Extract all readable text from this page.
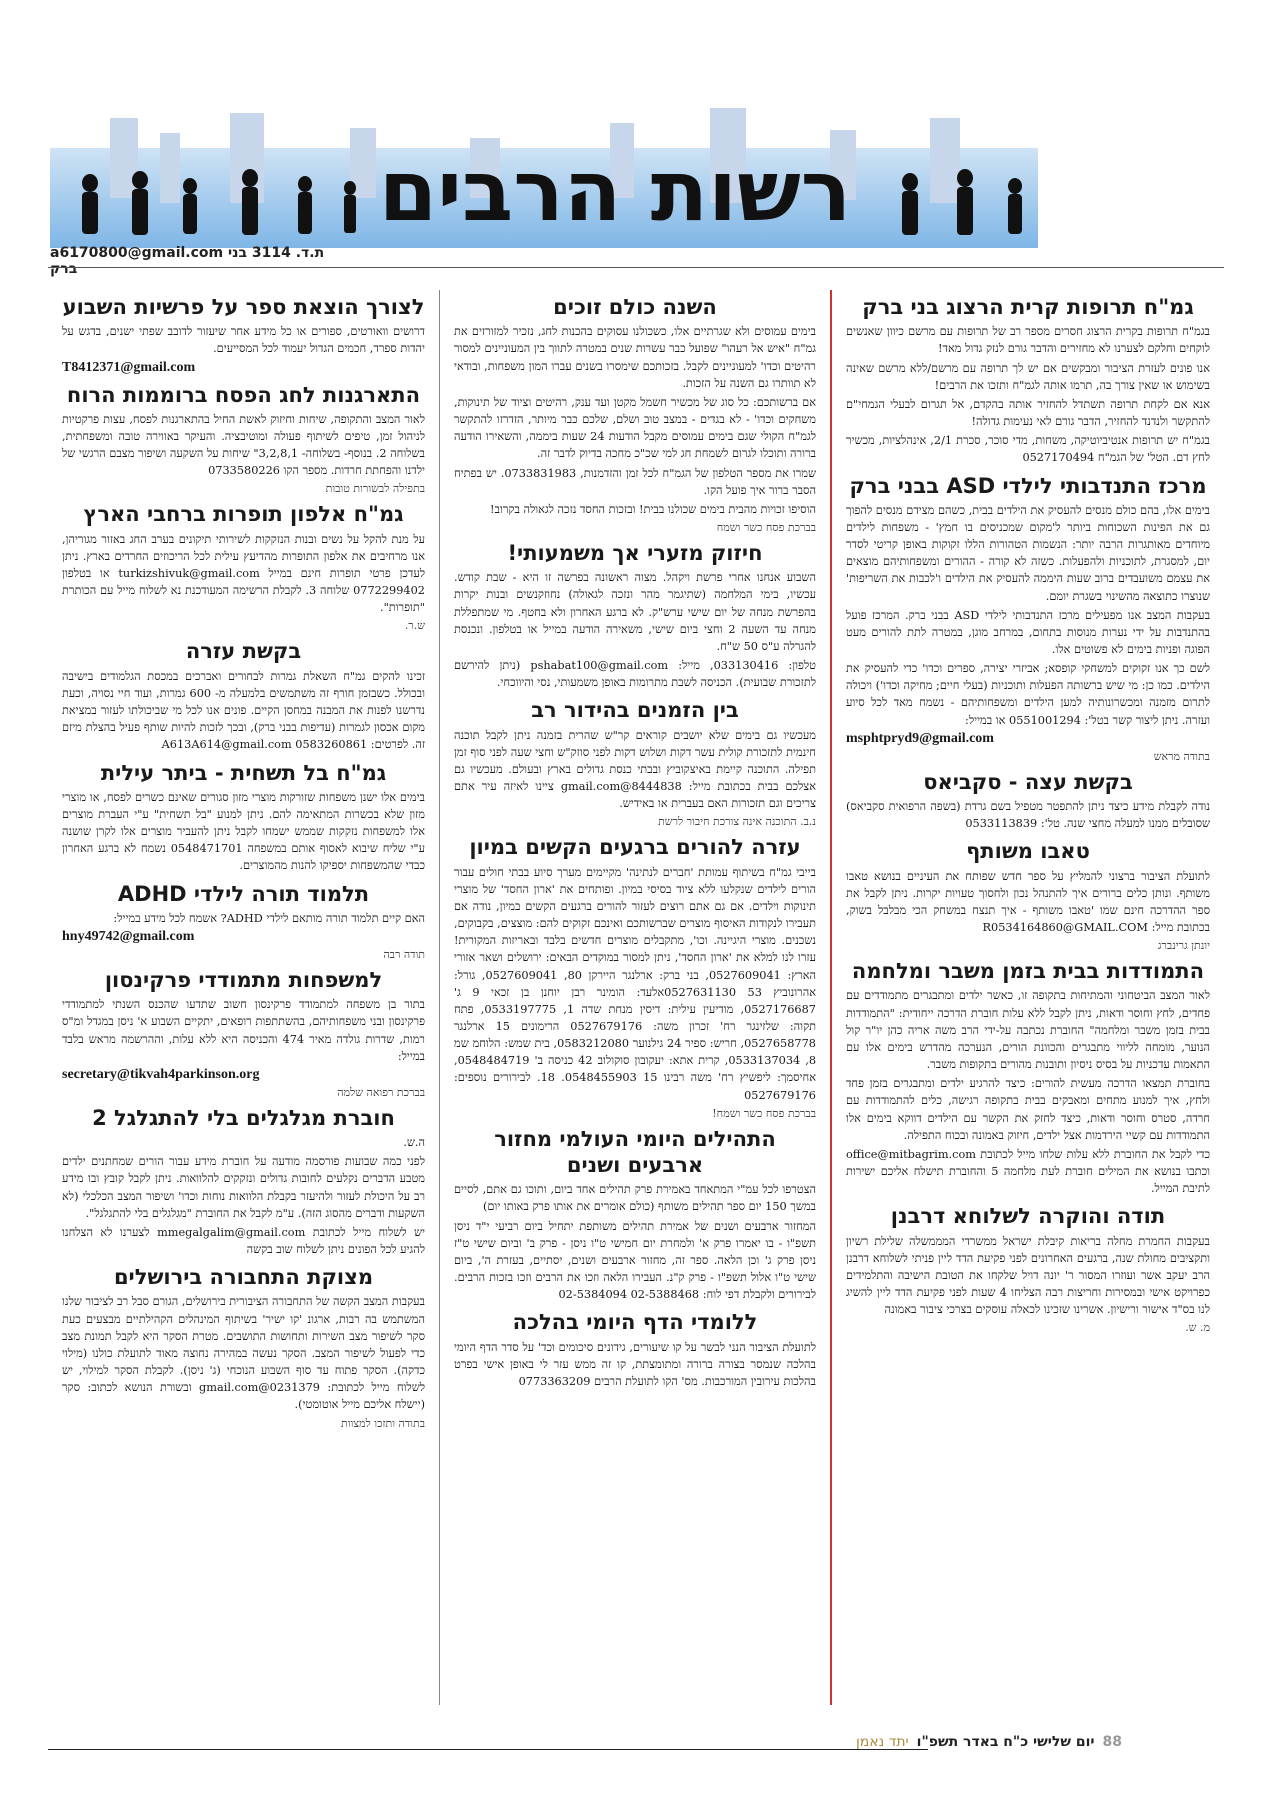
רשות הרבים
a6170800@gmail.com ת.ד. 3114 בני ברק
גמ"ח תרופות קרית הרצוג בני ברק

בגמ"ח תרופות בקרית הרצוג חסרים מספר רב של תרופות עם מרשם כיוון שאנשים לוקחים וחלקם לצערנו לא מחזירים והדבר גורם לנזק גדול מאד!

אנו פונים לעזרת הציבור ומבקשים אם יש לך תרופה עם מרשם/ללא מרשם שאינה בשימוש או שאין צורך בה, תרמו אותה לגמ"ח ותזכו את הרבים!

אנא אם לקחת תרופה תשתדל להחזיר אותה בהקדם, אל תגרום לבעלי הגמחי"ם להתקשר ולנדנד להחזיר, הדבר גורם לאי נעימות גדולה!

בגמ"ח יש תרופות אנטיביוטיקה, משחות, מדי סוכר, סכרת 2/1, אינהלציות, מכשיר לחץ דם. הטל' של הגמ"ח 0527170494

מרכז התנדבותי לילדי ASD בבני ברק

בימים אלו, בהם כולם מנסים להעסיק את הילדים בבית, כשהם מצידם מנסים להפוך גם את הפינות השכוחות ביותר ל'מקום שמכניסים בו חמץ' - משפחות לילדים מיוחדים מאותגרות הרבה יותר: הנשמות הטהורות הללו זקוקות באופן קריטי לסדר יום, למסגרת, לתוכניות ולהפעלות. כשזה לא קורה - ההורים ומשפחותיהם מוצאים את עצמם משועבדים ברוב שעות היממה להעסיק את הילדים ו'לכבות את השריפות' שנוצרו כתוצאה מהשינוי בשגרת יומם.

בעקבות המצב אנו מפעילים מרכז התנדבותי לילדי ASD בבני ברק. המרכז פועל בהתנדבות על ידי נערות מנוסות בתחום, במרחב מוגן, במטרה לתת להורים מעט הפוגה ופניות בימים לא פשוטים אלו.

לשם כך אנו זקוקים למשחקי קופסא; אביזרי יצירה, ספרים וכדו' כדי להעסיק את הילדים. כמו כן: מי שיש ברשותה הפעלות ותוכניות (בעלי חיים; מחיקה וכדו') ויכולה לתרום מזמנה ומכשרונותיה למען הילדים ומשפחותיהם - נשמח מאד לכל סיוע ועזרה. ניתן ליצור קשר בטל': 0551001294 או במייל:

msphtpryd9@gmail.com
בתודה מראש
בקשת עצה - סקביאס

נודה לקבלת מידע כיצד ניתן להתפטר מטפיל בשם גרדת (בשפה הרפואית סקביאס) שסובלים ממנו למעלה מחצי שנה. טל': 0533113839

טאבו משותף

לתועלת הציבור ברצוני להמליץ על ספר חדש שפותח את העיניים בנושא טאבו משותף. ונותן כלים ברורים איך להתנהל נכון ולחסוך טעויות יקרות. ניתן לקבל את ספר ההדרכה חינם שמו 'טאבו משותף - איך תנצח במשחק הכי מבלבל בשוק, בכתובת מייל: R0534164860@GMAIL.COM

יונתן גרינברג
התמודדות בבית בזמן משבר ומלחמה

לאור המצב הביטחוני והמתיחות בתקופה זו, כאשר ילדים ומתבגרים מתמודדים עם פחדים, לחץ וחוסר ודאות, ניתן לקבל ללא עלות חוברת הדרכה ייחודית: "התמודדות בבית בזמן משבר ומלחמה" החוברת נכתבה על-ידי הרב משה אריה כהן יו"ר קול הנוער, מומחה לליווי מתבגרים והכוונת הורים, הנערכה מהדרש בימים אלו עם התאמות עדכניות על בסיס ניסיון ותובנות מהורים בתקופות משבר.

בחוברת תמצאו הדרכה מעשית להורים: כיצד להרגיע ילדים ומתבגרים בזמן פחד ולחץ, איך למנוע מתחים ומאבקים בבית בתקופה רגישה, כלים להתמודדות עם חרדה, סטרס וחוסר ודאות, כיצד לחזק את הקשר עם הילדים דווקא בימים אלו התמודדות עם קשיי הירדמות אצל ילדים, חיזוק באמונה ובכוח התפילה.

כדי לקבל את החוברת ללא עלות שלחו מייל לכתובת office@mitbagrim.com וכתבו בנושא את המילים חוברת לעת מלחמה 5 והחוברת תישלח אליכם ישירות לתיבת המייל.

תודה והוקרה לשלוחא דרבנן

בעקבות החמרת מחלה בריאות קיבלת ישראל ממשרדי המממשלה שלילת רשיון ותקציבים מחולת שנה, ברגעים האחרונים לפני פקיעת הדד ליין פניתי לשלוחא דרבנן הרב יעקב אשר ועוזרו המסור ר' יונה דויל שלקחו את הטובת הישיבה והתלמידים כפרויקט אישי ובמסירות וחריצות רבה הצליחו 4 שעות לפני פקיעת הדד ליין להשיג לנו בס"ד אישור ורישיון. אשרינו שזכינו לכאלה עוסקים בצרכי ציבור באמונה

מ. ש.
השנה כולם זוכים

בימים עמוסים ולא שגרתיים אלו, כשכולנו עסוקים בהכנות לחג, נזכיר למזורזים את גמ"ח "איש אל רעהו" שפועל כבר עשרות שנים במטרה לתווך בין המעוניינים למסור רהיטים וכדו' למעוניינים לקבל. בזכותכם שימסרו בשנים עברו המון משפחות, ובודאי לא תוותרו גם השנה על הזכות.

אם ברשותכם: כל סוג של מכשיר חשמל מקטן ועד ענק, רהיטים וציוד של תינוקות, משחקים וכדו' - לא בגדים - במצב טוב ושלם, שלכם כבר מיותר, הזדרזו להתקשר לגמ"ח הקולי שגם בימים עמוסים מקבל הודעות 24 שעות ביממה, והשאירו הודעה ברורה ותוכלו לגרום לשמחת חג למי שכ"כ מחכה בדיוק לדבר זה.

שמרו את מספר הטלפון של הגמ"ח לכל זמן והזדמנות, 0733831983. יש בפתיח הסבר ברור איך פועל הקו.

הוסיפו זכויות מהבית בימים שכולנו בבית! ובזכות החסד נזכה לגאולה בקרוב!

בברכת פסח כשר ושמח
חיזוק מזערי אך משמעותי!

השבוע אנחנו אחרי פרשת ויקהל. מצוה ראשונה בפרשה זו היא - שבת קודש. עכשיו, בימי המלחמה (שתיגמר מהר ונזכה לגאולה) נחוזקנשים ובנות יקרות בהפרשת מנחה של יום שישי ערש"ק. לא ברגע האחרון ולא בחטף. מי שמתפללת מנחה עד השעה 2 וחצי ביום שישי, משאירה הודעה במייל או בטלפון. ונכנסת להגרלה ע"ס 50 ש"ח.

טלפון: 033130416, מייל: pshabat100@gmail.com (ניתן להירשם לתזכורת שבועית). הכניסה לשבת מתרומות באופן משמעותי, נסי והיווכחי.

בין הזמנים בהידור רב

מעכשיו גם בימים שלא יושבים קוראים קר"ש שהרית בזמנה ניתן לקבל תוכנה חינמית לתזכורת קולית עשר דקות ושלוש דקות לפני סוזק"ש וחצי שעה לפני סוף זמן תפילה. התוכנה קיימת באיצקוביץ ובבתי כנסת גדולים בארץ ובעולם. מעכשיו גם אצלכם בבית בכתובת מייל: 8444838@gmail.com ציינו לאיזה עיר אתם צריכים וגם תזכורות האם בעברית או באידיש.

נ.ב. התוכנה אינה צורכת חיבור לרשת
עזרה להורים ברגעים הקשים במיון

בייבי גמ"ח בשיתוף עמותת 'חברים לנתינה' מקיימים מערך סיוע בבתי חולים עבור הורים לילדים שנקלעו ללא ציוד בסיסי במיון. ופותחים את 'ארון החסד' של מוצרי תינוקות וילדים. אם גם אתם רוצים לעזור להורים ברגעים הקשים במיון, נודה אם תעבירו לנקודות האיסוף מוצרים שברשותכם ואינכם זקוקים להם: מוצצים, בקבוקים, נשכנים. מוצרי היגיינה. וכו', מתקבלים מוצרים חדשים בלבד ובאריזות המקורית! עזרו לנו למלא את 'ארון החסד', ניתן למסור במוקדים הבאים: ירושלים ושאר אזורי הארץ: 0527609041, בני ברק: ארלנגר היירקן 80, 0527609041, גורל: אהרונוביץ 53 0527631130אלעד: הומינר רבן יוחנן בן זכאי 9 ג' 0527176687, מודיעין עילית: דיסין מנחת שדה 1, 0533197775, פתח תקוה: שלזינגר רח' זכרון משה: 0527679176 הרימונים 15 ארלנגר 0527658778, חריש: ספיר 24 גילנוער 0583212080, בית שמש: הלוחמ שמ 8, 0533137034, קרית אתא: יעקובון סוקולוב 42 כניסה ב' 0548484719, אחיסמך: ליפשיץ רח' משה רבינו 15 0548455903. 18. לבירורים נוספים: 0527679176

בברכת פסח כשר ושמח!
התהילים היומי העולמי מחזור ארבעים ושנים

הצטרפו לכל עמ"י המתאחד באמירת פרק תהילים אחד ביום, ותוכו גם אתם, לסיים במשך 150 יום ספר תהילים משותף (כולם אומרים את אותו פרק באותו יום)

המחזור ארבעים ושנים של אמירת תהילים משותפת יתחיל ביום רביעי י"ד ניסן תשפ"ו - בו יאמרו פרק א' ולמחרת יום חמישי ט"ו ניסן - פרק ב' וביום שישי ט"ז ניסן פרק ג' וכן הלאה. ספר זה, מחזור ארבעים ושנים, יסתיים, בעזרת ה', ביום שישי ט"ו אלול תשפ"ו - פרק ק"נ. העבירו הלאה וזכו את הרבים וזכו בזכות הרבים. לבירורים ולקבלת דפי לוח: 02-5388468 02-5384094

ללומדי הדף היומי בהלכה

לתועלת הציבור הנני לבשר על קו שיעורים, גידונים סיכומים וכד' על סדר הדף היומי בהלכה שנמסר בצורה ברורה ומתומצתת, קו זה ממש עזר לי באופן אישי בפרט בהלכות עירובין המורכבות. מס' הקו לתועלת הרבים 0773363209

לצורך הוצאת ספר על פרשיות השבוע

דרושים וואורטים, ספורים או כל מידע אחר שיעזור לדובב שפתי ישנים, בדגש על יהדות ספרד, חכמים הגדול יעמוד לכל המסייעים.

T8412371@gmail.com
התארגנות לחג הפסח ברוממות הרוח

לאור המצב והתקופה, שיחות וחיזוק לאשת החיל בהתארגנות לפסח, עצות פרקטיות לניהול זמן, טיפים לשיתוף פעולה ומוטיבציה. והעיקר באווירה טובה ומשפחתית, בשלוחה 2. בנוסף- בשלוחה- 3,2,8,1" שיחות על השקעה ושיפור מצבם הרגשי של ילדנו והפחתת חרדות. מספר הקו 0733580226

בתפילה לבשורות טובות
גמ"ח אלפון תופרות ברחבי הארץ

על מנת להקל על נשים ובנות הנזקקות לשירותי תיקונים בערב החג באזור מגוריהן, אנו מרחיבים את אלפון התופרות מהדיעץ עילית לכל הריכוזים החרדים בארץ. ניתן לעדכן פרטי תופרות חינם במייל turkizshivuk@gmail.com או בטלפון 0772299402 שלוחה 3. לקבלת הרשימה המעודכנת נא לשלוח מייל עם הכותרת "תופרות".

ש.ר.
בקשת עזרה

זכינו להקים גמ"ח השאלת גמרות לבחורים ואברכים במכסת הגלמודים בישיבה ובכולל. כשבזמן חורף זה משתמשים בלמעלה מ- 600 גמרות, ועוד חיי נסויה, וכעת נדרשנו לפנות את המבנה במחסן הקיים. פונים אנו לכל מי שביכולתו לעזור במציאת מקום אכסון לגמרות (עדיפות בבני ברק), ובכך לזכות להיות שותף פעיל בהצלת מיזם זה. לפרטים: 0583260861 A613A614@gmail.com

גמ"ח בל תשחית - ביתר עילית

בימים אלו ישנן משפחות שזורקות מוצרי מזון סגורים שאינם כשרים לפסח, או מוצרי מזון שלא בכשרות המתאימה להם. ניתן למנוע "בל תשחית" ע"י העברת מוצרים אלו למשפחות נזקקות שממש ישמחו לקבל ניתן להעביר מוצרים אלו לקרן שושנה ע"י שליח שיבוא לאסוף אותם במשפחה 0548471701 נשמח לא ברגע האחרון כבדי שהמשפחות יספיקו להנות מהמוצרים.

תלמוד תורה לילדי ADHD

האם קיים תלמוד תורה מותאם לילדי ADHD? אשמח לכל מידע במייל:

hny49742@gmail.com
תודה רבה
למשפחות מתמודדי פרקינסון

בתור בן משפחה למתמודד פרקינסון חשוב שתדעו שהכנס השנתי למתמודדי פרקינסון ובני משפחותיהם, בהשתתפות רופאים, יתקיים השבוע א' ניסן במגדל ומ"ס רמות, שדרות גולדה מאיר 474 והכניסה היא ללא עלות, וההרשמה מראש בלבד במייל:

secretary@tikvah4parkinson.org
בברכת רפואה שלמה
חוברת מגלגלים בלי להתגלגל 2

ה.ש.

לפני כמה שבועות פורסמה מודעה על חוברת מידע עבור הורים שמחתנים ילדים מטבע הדברים נקלעים לחובות גדולים ונזקקים להלוואות. ניתן לקבל קובץ ובו מידע רב על היכולת לעזור ולהיעזר בקבלת הלוואות נוחות וכדו' ושיפור המצב הכלכלי (לא השקעות ודברים מהסוג הזה). ע"מ לקבל את החוברת "מגלגלים בלי להתגלגל".

יש לשלוח מייל לכתובת mmegalgalim@gmail.com לצערנו לא הצלחנו להגיע לכל הפונים ניתן לשלוח שוב בקשה

מצוקת התחבורה בירושלים

בעקבות המצב הקשה של התחבורה הציבורית בירושלים, הגורם סבל רב לציבור שלנו המשתמש בה רבות, ארגונ 'קו ישיר' בשיתוף המינהלים הקהילתיים מבצעים כעת סקר לשיפור מצב השירות ותחושות התושבים. מטרת הסקר היא לקבל תמונת מצב כדי לפעול לשיפור המצב. הסקר נעשה במהירה נחוצה מאוד לתועלת כולנו (מילוי כדקה). הסקר פתוח עד סוף השבוע הנוכחי (ג' ניסן). לקבלת הסקר למילוי, יש לשלוח מייל לכתובת: 0231379@gmail.com ובשורת הנושא לכתוב: סקר (יישלח אליכם מייל אוטומטי).

בתודה ותזכו למצוות
88
יום שלישי כ"ח באדר תשפ"ו
יתד נאמן
